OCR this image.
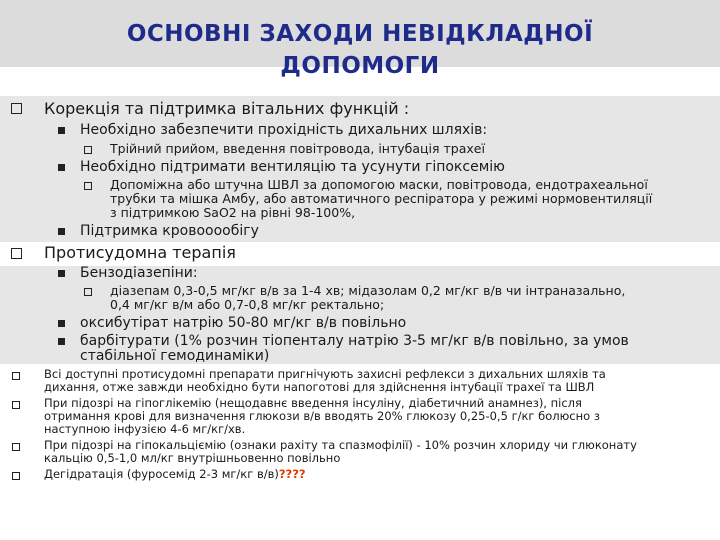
ОСНОВНІ ЗАХОДИ НЕВІДКЛАДНОЇ
ДОПОМОГИ
Корекція та підтримка вітальних функцій :
Необхідно забезпечити прохідність дихальних шляхів:
Трійний прийом, введення повітровода, інтубація трахеї
Необхідно підтримати вентиляцію та усунути гіпоксемію
Допоміжна або штучна ШВЛ за допомогою маски, повітровода, ендотрахеальної
трубки та мішка Амбу, або автоматичного респіратора у режимі нормовентиляції
з підтримкою SaO2 на рівні 98-100%,
Підтримка кровооообігу
Протисудомна терапія
Бензодіазепіни:
діазепам 0,3-0,5 мг/кг в/в за 1-4 хв; мідазолам 0,2 мг/кг в/в чи інтраназально,
0,4 мг/кг в/м або 0,7-0,8 мг/кг ректально;
оксибутірат натрію 50-80 мг/кг в/в повільно
барбітурати (1% розчин тіопенталу натрію 3-5 мг/кг в/в повільно, за умов
стабільної гемодинаміки)
Всі доступні протисудомні препарати пригнічують захисні рефлекси з дихальних шляхів та
дихання, отже завжди необхідно бути напоготові для здійснення інтубації трахеї та ШВЛ
При підозрі на гіпоглікемію (нещодавнє введення інсуліну, діабетичний анамнез), після
отримання крові для визначення глюкози в/в вводять 20% глюкозу 0,25-0,5 г/кг болюсно з
наступною інфузією 4-6 мг/кг/хв.
При підозрі на гіпокальціємію (ознаки рахіту та спазмофілії) - 10% розчин хлориду чи глюконату
кальцію 0,5-1,0 мл/кг внутрішньовенно повільно
Дегідратація (фуросемід 2-3 мг/кг в/в)????
